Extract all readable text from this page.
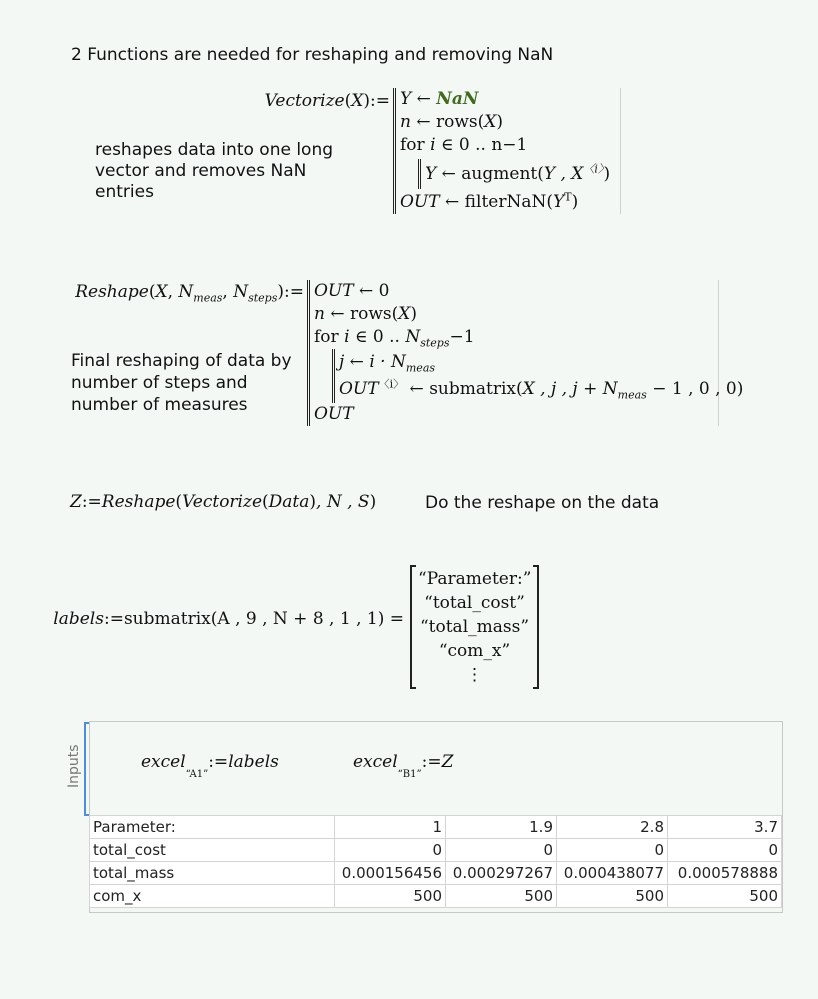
2 Functions are needed for reshaping and removing NaN
reshapes data into one long
vector and removes NaN
entries
Vectorize(X):= Y ← NaN
n ← rows(X)
for i ∈ 0 .. n−1
Y ← augment(Y , $X^{〈i〉}$)
OUT ← $filterNaN(Y^T)$
Reshape(X, $N_{meas}$, $N_{steps}):=$ OUT ← 0
n ← rows(X)
for i ∈ 0 .. $N_{steps}-1$
j ← $i \cdot N_{meas}$
$OUT^{〈i〉}$ ← submatrix(X , j , $j + N_{meas} - 1$ , 0 , 0)
OUT
Final reshaping of data by
number of steps and
number of measures
Z:=Reshape(Vectorize(Data), N , S)	Do the reshape on the data
labels:=submatrix(A , 9 , N + 8 , 1 , 1) =
“Parameter:”
“total_cost”
“total_mass”
“com_x”
⋮
Inputs	excel$_{“A1”}$:=labels	excel$_{“B1”}$:=Z
Parameter:	1	1.9	2.8	3.7
total_cost	0	0	0	0
total_mass	0.000156456	0.000297267	0.000438077	0.000578888
com_x	500	500	500	500
